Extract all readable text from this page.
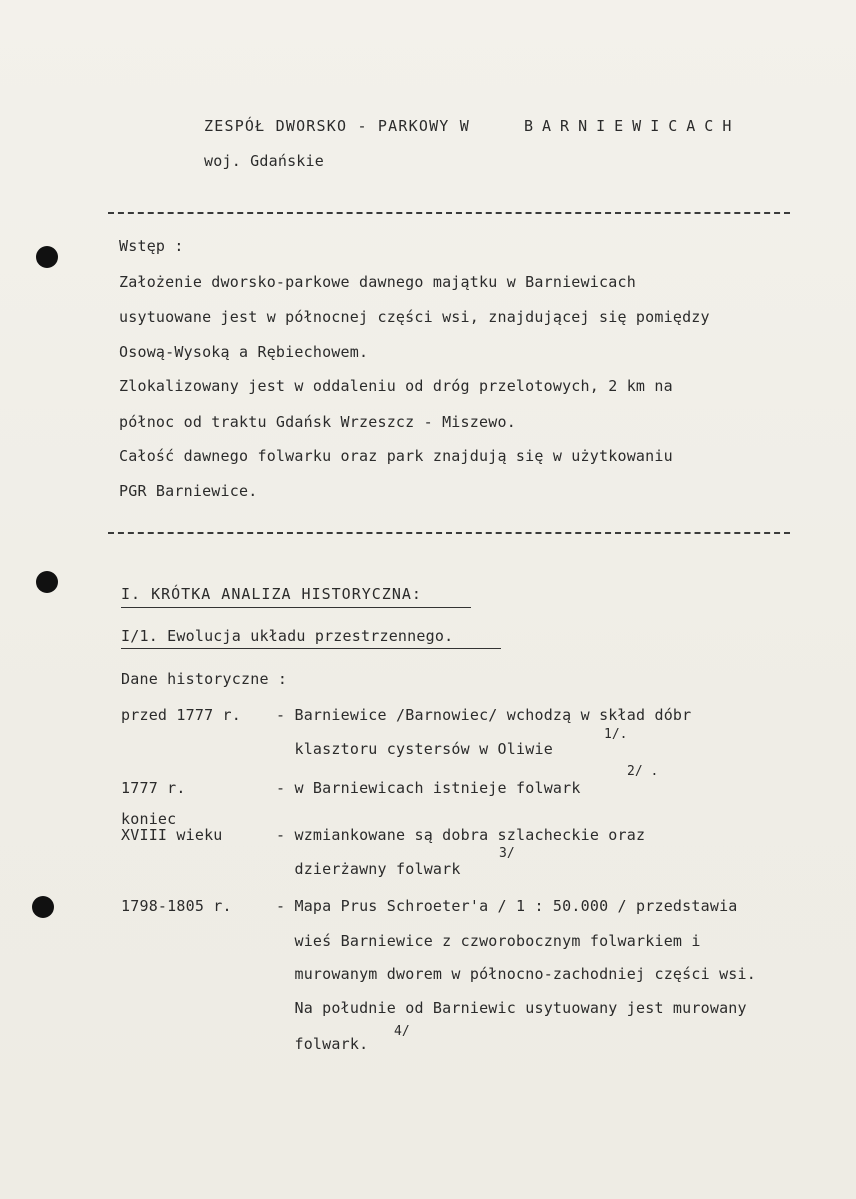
ZESPÓŁ DWORSKO - PARKOWY W	BARNIEWICACH
woj. Gdańskie
Wstęp :
Założenie dworsko-parkowe dawnego majątku w Barniewicach
usytuowane jest w północnej części wsi, znajdującej się pomiędzy
Osową-Wysoką a Rębiechowem.
Zlokalizowany jest w oddaleniu od dróg przelotowych, 2 km na
północ od traktu Gdańsk Wrzeszcz - Miszewo.
Całość dawnego folwarku oraz park znajdują się w użytkowaniu
PGR Barniewice.
I. KRÓTKA ANALIZA HISTORYCZNA:
I/1. Ewolucja układu przestrzennego.
Dane historyczne :
przed 1777 r. - Barniewice /Barnowiec/ wchodzą w skład dóbr
klasztoru cystersów w Oliwie
1/.
1777 r.	- w Barniewicach istnieje folwark
2/ .
koniec
XVIII wieku	- wzmiankowane są dobra szlacheckie oraz
dzierżawny folwark
3/
1798-1805 r.	- Mapa Prus Schroeter'a / 1 : 50.000 / przedstawia
wieś Barniewice z czworobocznym folwarkiem i
murowanym dworem w północno-zachodniej części wsi.
Na południe od Barniewic usytuowany jest murowany
folwark.
4/
